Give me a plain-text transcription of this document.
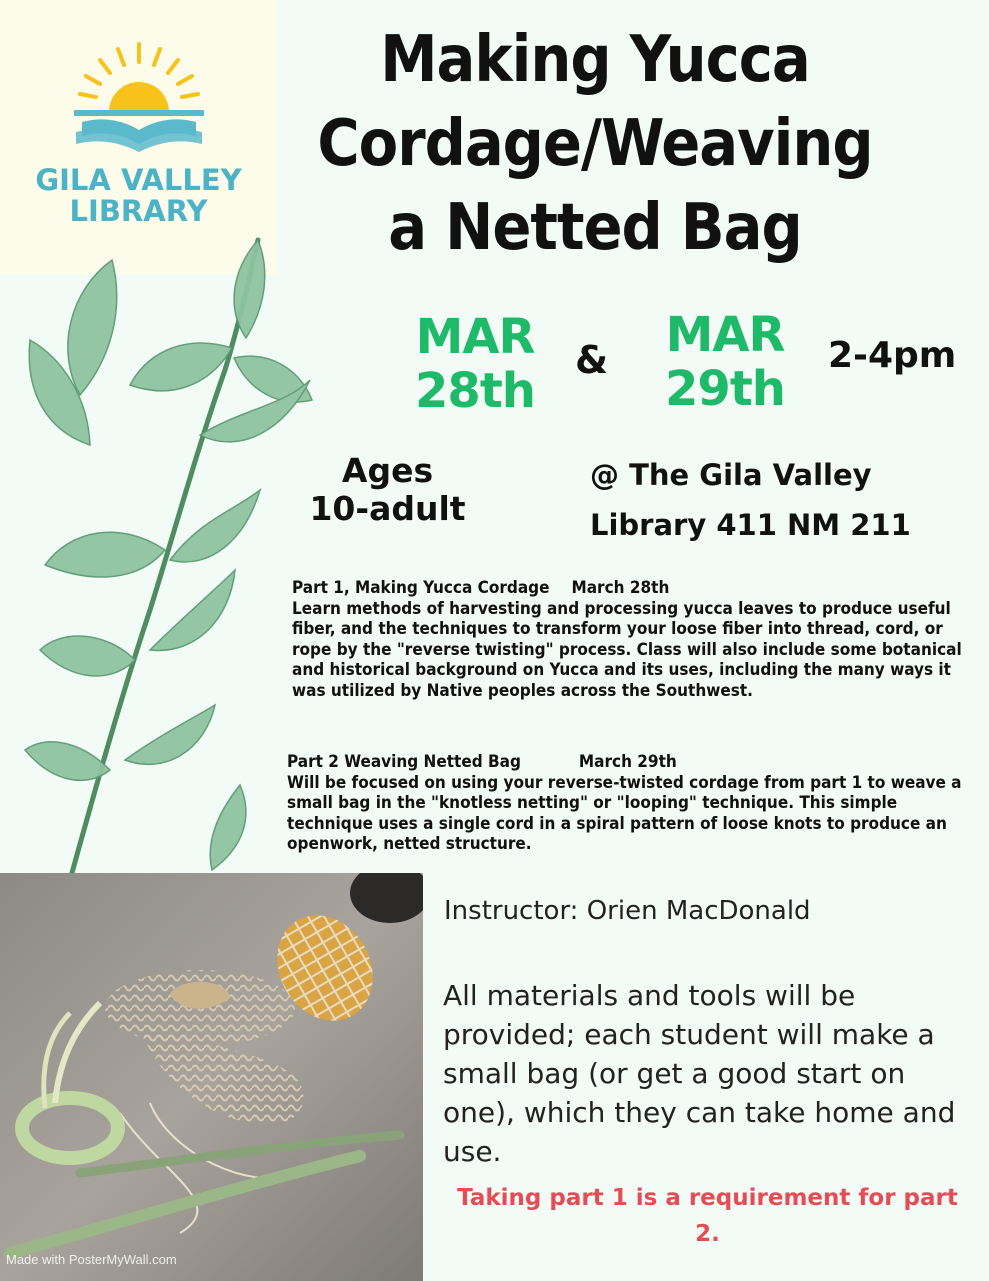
GILA VALLEY
LIBRARY
Making Yucca
Cordage/Weaving
a Netted Bag
MAR
28th
&	MAR
29th
2-4pm
Ages
10-adult
@ The Gila Valley
Library 411 NM 211
Part 1, Making Yucca Cordage March 28th
Learn methods of harvesting and processing yucca leaves to produce useful fiber, and the techniques to transform your loose fiber into thread, cord, or rope by the "reverse twisting" process. Class will also include some botanical and historical background on Yucca and its uses, including the many ways it was utilized by Native peoples across the Southwest.
Part 2 Weaving Netted Bag	March 29th
Will be focused on using your reverse-twisted cordage from part 1 to weave a small bag in the "knotless netting" or "looping" technique. This simple technique uses a single cord in a spiral pattern of loose knots to produce an openwork, netted structure.
Made with PosterMyWall.com
Instructor: Orien MacDonald
All materials and tools will be provided; each student will make a small bag (or get a good start on one), which they can take home and use.
Taking part 1 is a requirement for part 2.
